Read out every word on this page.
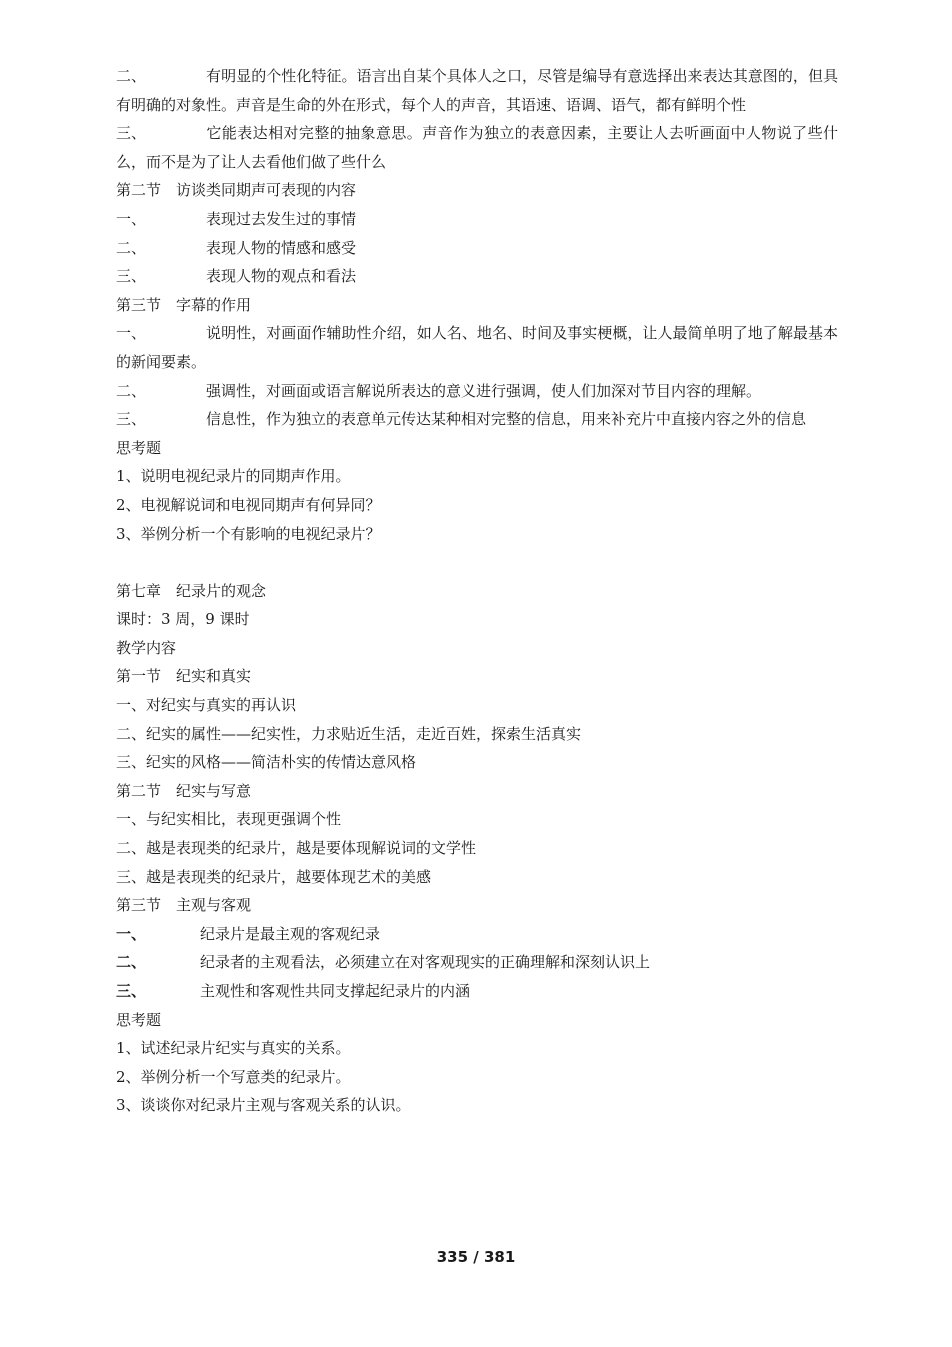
二、	有明显的个性化特征。语言出自某个具体人之口，尽管是编导有意选择出来表达其意图的，但具有明确的对象性。声音是生命的外在形式，每个人的声音，其语速、语调、语气，都有鲜明个性
三、	它能表达相对完整的抽象意思。声音作为独立的表意因素，主要让人去听画面中人物说了些什么，而不是为了让人去看他们做了些什么
第二节　访谈类同期声可表现的内容
一、	表现过去发生过的事情
二、	表现人物的情感和感受
三、	表现人物的观点和看法
第三节　字幕的作用
一、	说明性，对画面作辅助性介绍，如人名、地名、时间及事实梗概，让人最简单明了地了解最基本的新闻要素。
二、	强调性，对画面或语言解说所表达的意义进行强调，使人们加深对节目内容的理解。
三、	信息性，作为独立的表意单元传达某种相对完整的信息，用来补充片中直接内容之外的信息
思考题
1、说明电视纪录片的同期声作用。
2、电视解说词和电视同期声有何异同？
3、举例分析一个有影响的电视纪录片？
第七章　纪录片的观念
课时：3 周，9 课时
教学内容
第一节　纪实和真实
一、对纪实与真实的再认识
二、纪实的属性——纪实性，力求贴近生活，走近百姓，探索生活真实
三、纪实的风格——简洁朴实的传情达意风格
第二节　纪实与写意
一、与纪实相比，表现更强调个性
二、越是表现类的纪录片，越是要体现解说词的文学性
三、越是表现类的纪录片，越要体现艺术的美感
第三节　主观与客观
一、	纪录片是最主观的客观纪录
二、	纪录者的主观看法，必须建立在对客观现实的正确理解和深刻认识上
三、	主观性和客观性共同支撑起纪录片的内涵
思考题
1、试述纪录片纪实与真实的关系。
2、举例分析一个写意类的纪录片。
3、谈谈你对纪录片主观与客观关系的认识。
335 / 381
